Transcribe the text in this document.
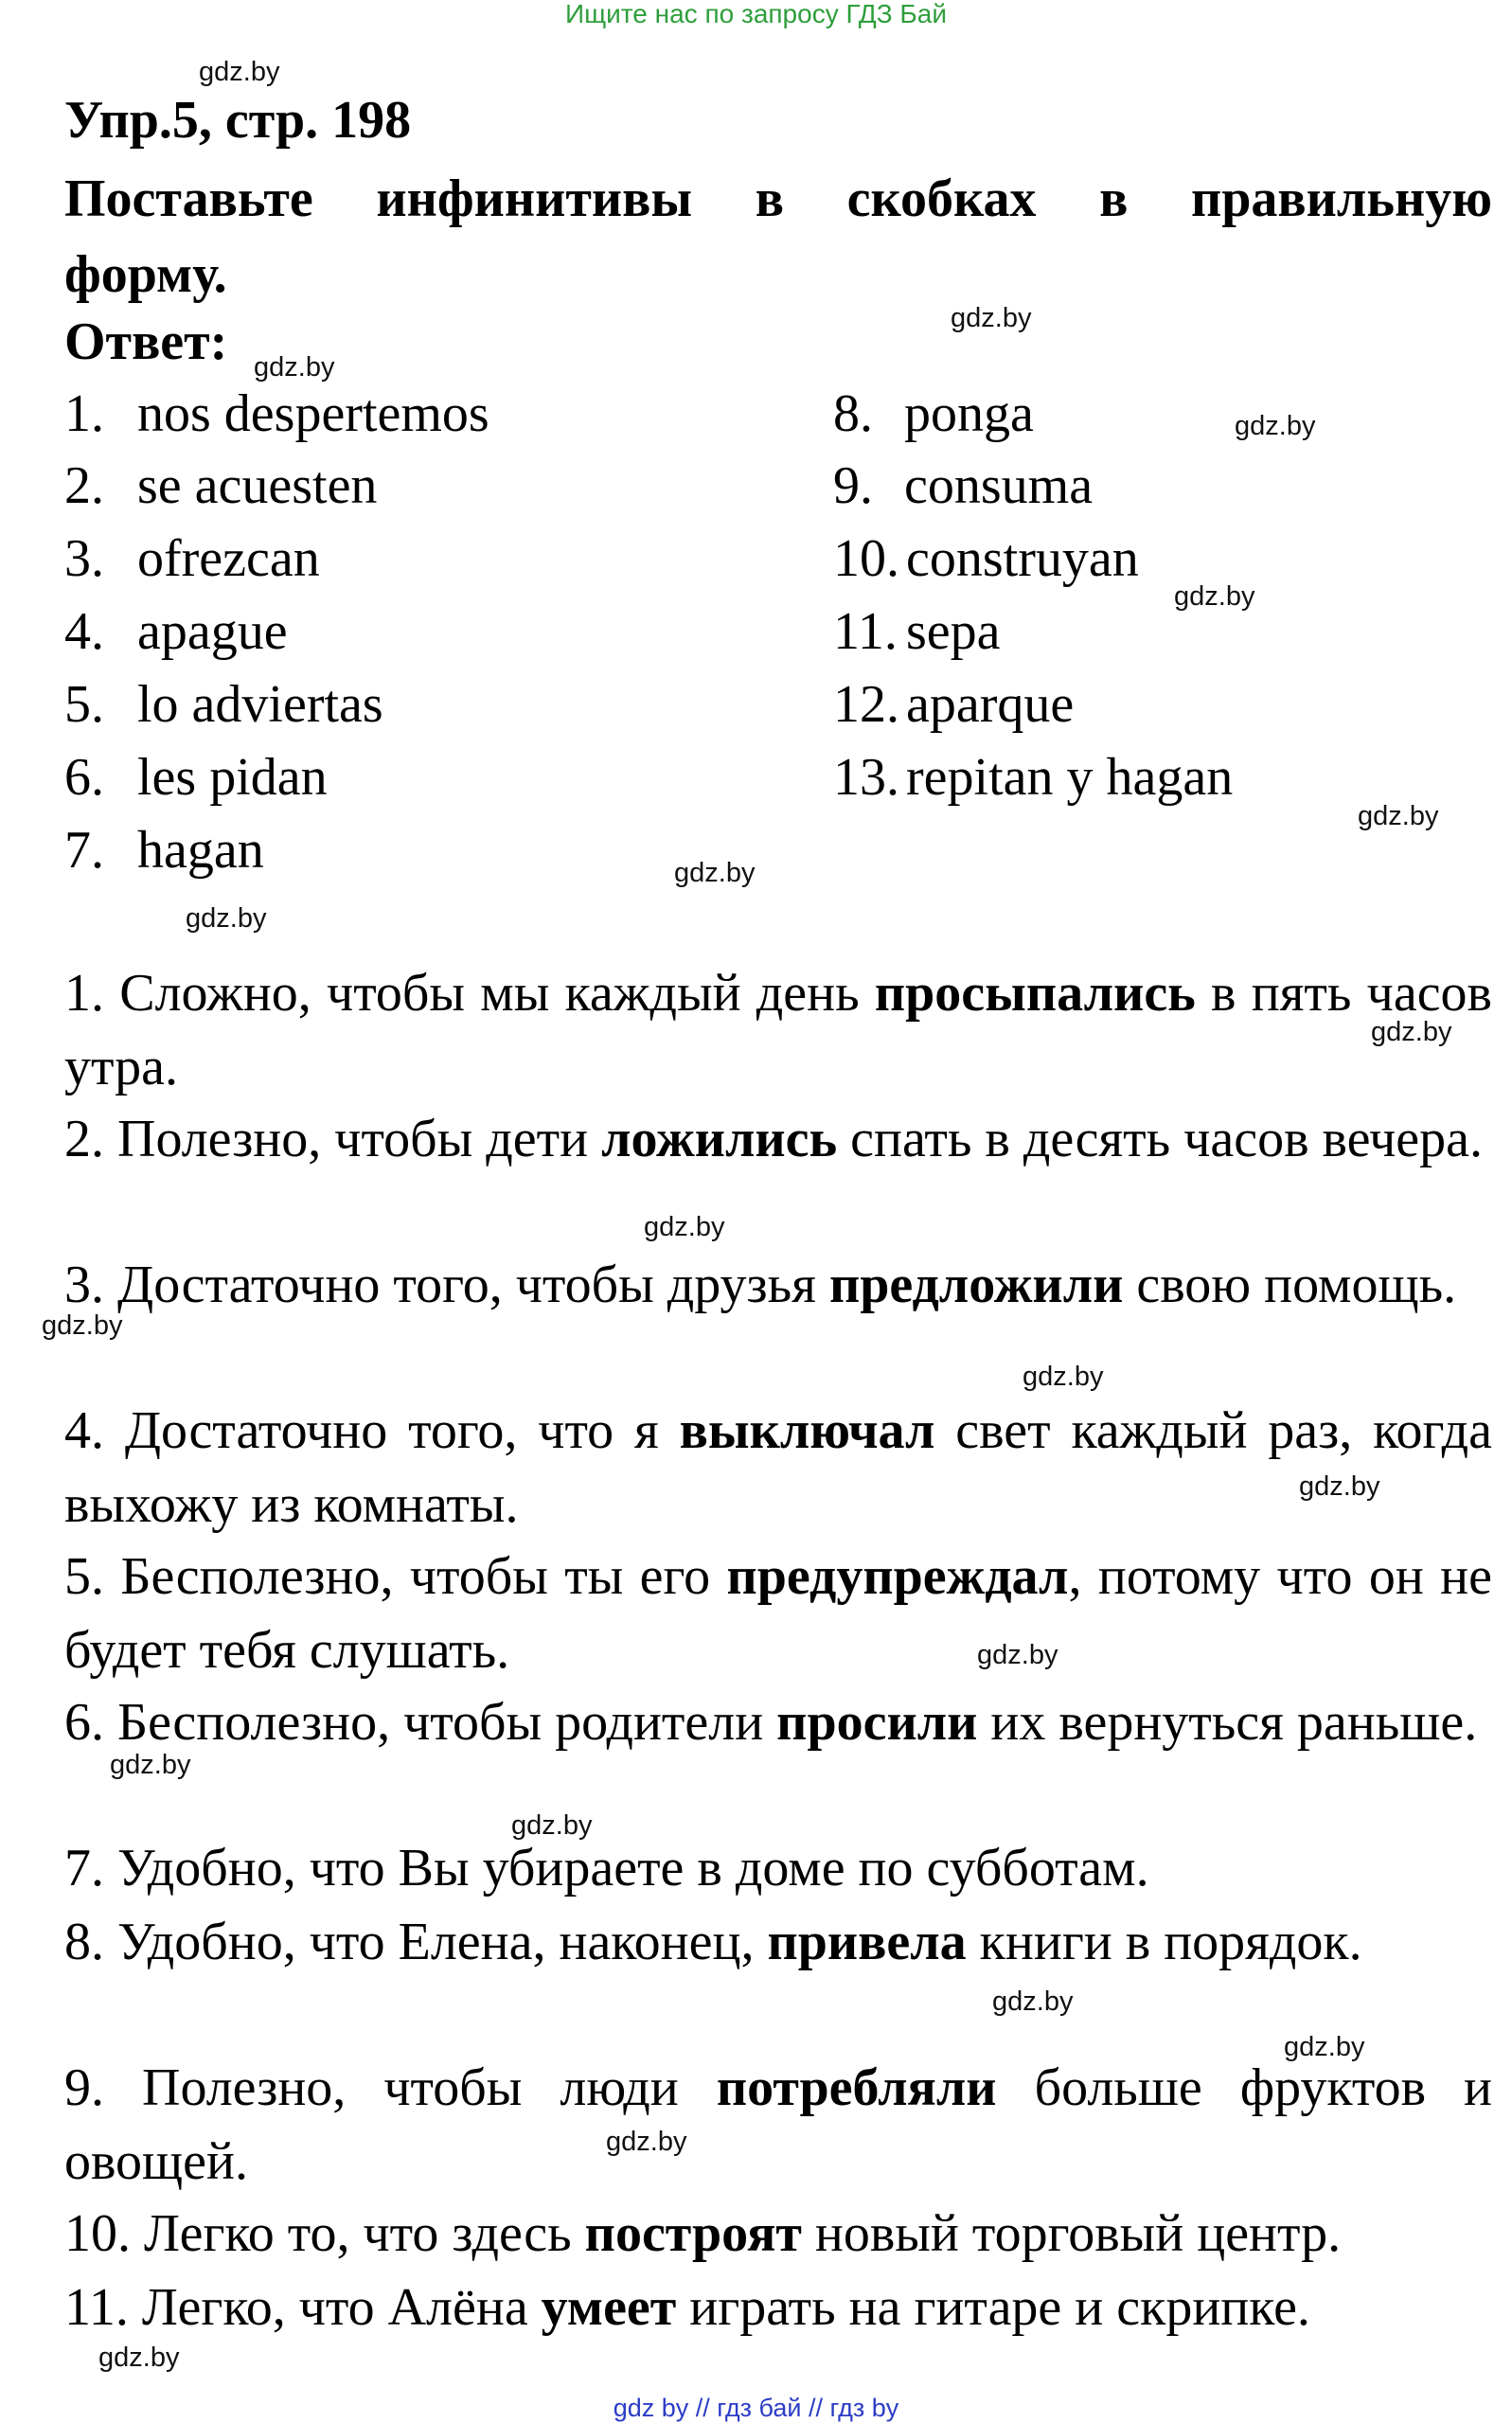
Ищите нас по запросу ГДЗ Бай
gdz.by
gdz.by
gdz.by
gdz.by
gdz.by
gdz.by
gdz.by
gdz.by
gdz.by
gdz.by
gdz.by
gdz.by
gdz.by
gdz.by
gdz.by
gdz.by
gdz.by
gdz.by
gdz.by
gdz.by
Упр.5, стр. 198
Поставьте инфинитивы в скобках в правильную
форму.
Ответ:
1. nos despertemos
2. se acuesten
3. ofrezcan
4. apague
5. lo adviertas
6. les pidan
7. hagan
8. ponga
9. consuma
10. construyan
11. sepa
12. aparque
13. repitan y hagan
1. Сложно, чтобы мы каждый день просыпались в пять часов утра.
2. Полезно, чтобы дети ложились спать в десять часов вечера.
3. Достаточно того, чтобы друзья предложили свою помощь.
4. Достаточно того, что я выключал свет каждый раз, когда выхожу из комнаты.
5. Бесполезно, чтобы ты его предупреждал, потому что он не будет тебя слушать.
6. Бесполезно, чтобы родители просили их вернуться раньше.
7. Удобно, что Вы убираете в доме по субботам.
8. Удобно, что Елена, наконец, привела книги в порядок.
9. Полезно, чтобы люди потребляли больше фруктов и овощей.
10. Легко то, что здесь построят новый торговый центр.
11. Легко, что Алёна умеет играть на гитаре и скрипке.
gdz by // гдз бай // гдз by
